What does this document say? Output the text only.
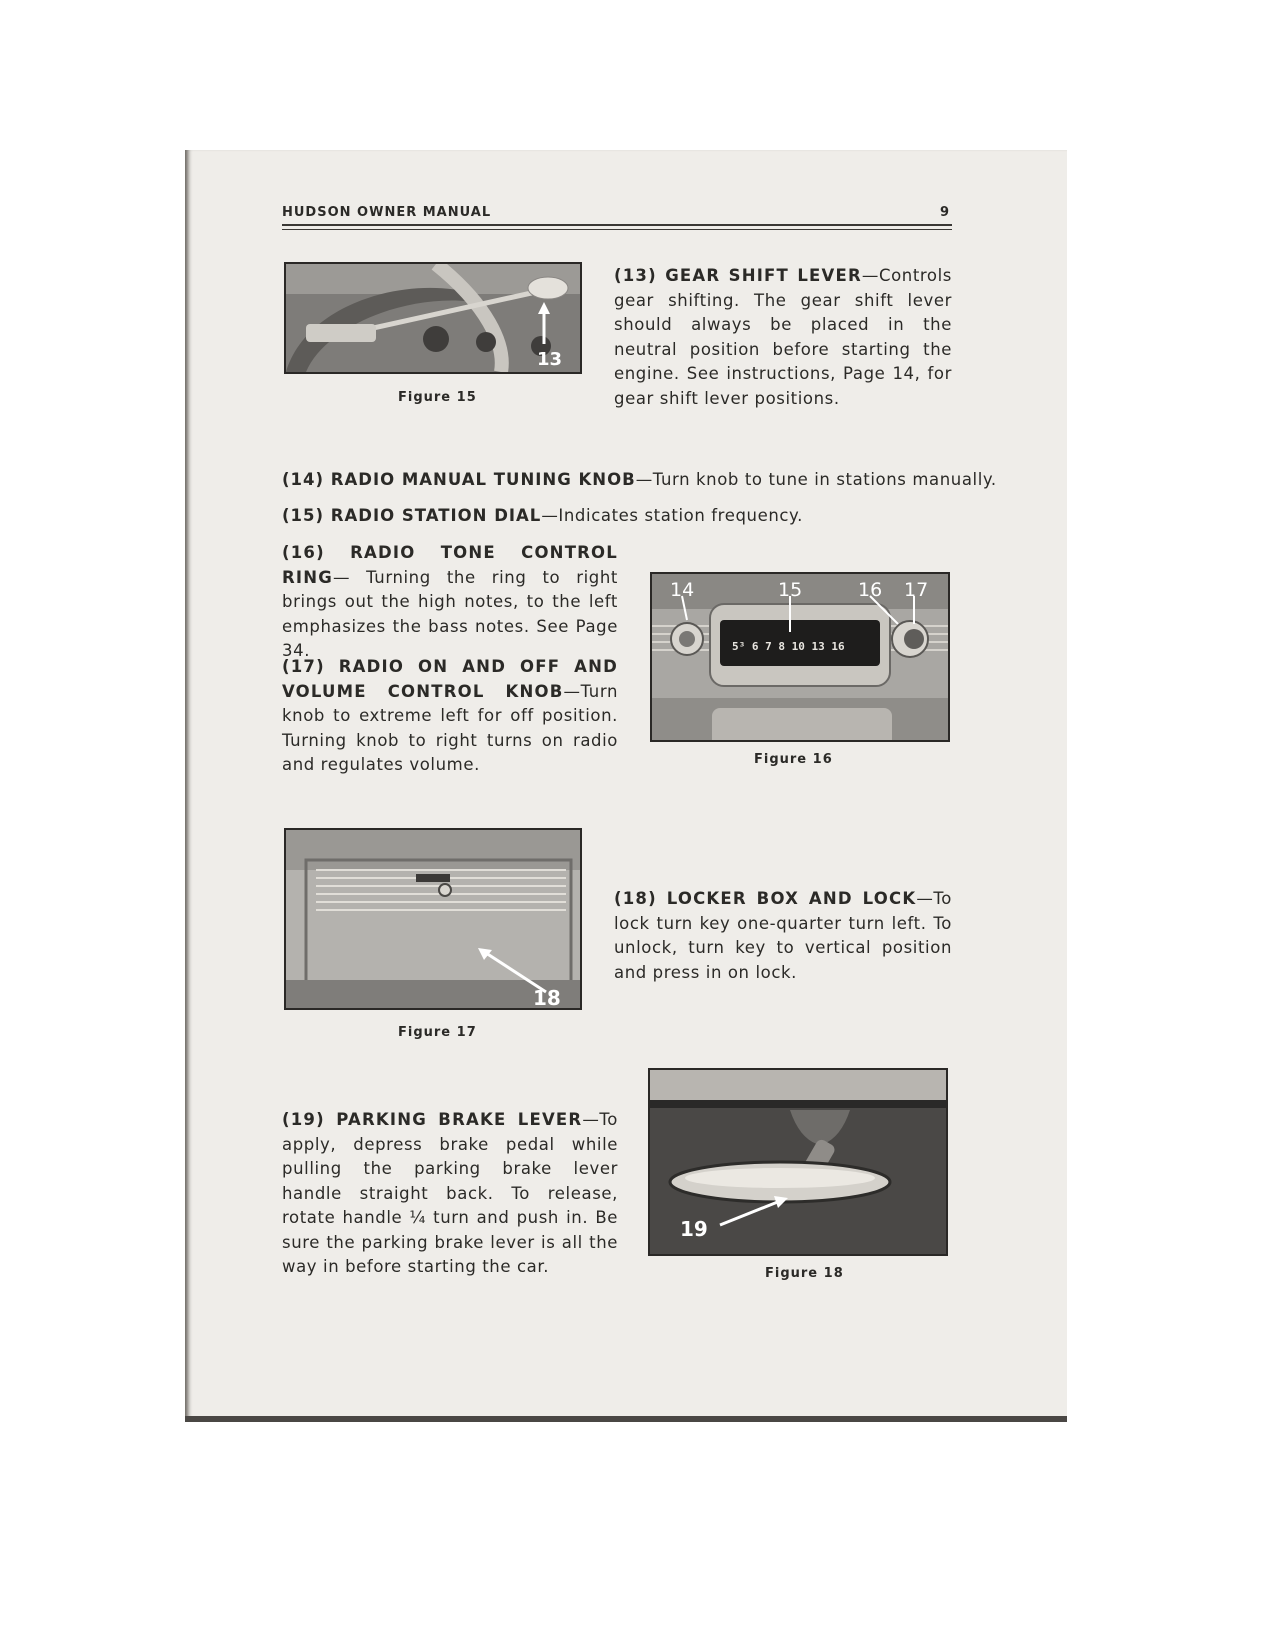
HUDSON OWNER MANUAL	9
13
Figure 15
(13) GEAR SHIFT LEVER—Controls gear shifting. The gear shift lever should always be placed in the neutral position before starting the engine. See instructions, Page 14, for gear shift lever positions.
(14) RADIO MANUAL TUNING KNOB—Turn knob to tune in stations manually.
(15) RADIO STATION DIAL—Indicates station frequency.
(16) RADIO TONE CONTROL RING— Turning the ring to right brings out the high notes, to the left emphasizes the bass notes. See Page 34.
(17) RADIO ON AND OFF AND VOLUME CONTROL KNOB—Turn knob to extreme left for off position. Turning knob to right turns on radio and regulates volume.
5³ 6 7 8 10 13 16
14	15	16 17
Figure 16
18
Figure 17
(18) LOCKER BOX AND LOCK—To lock turn key one-quarter turn left. To unlock, turn key to vertical position and press in on lock.
(19) PARKING BRAKE LEVER—To apply, depress brake pedal while pulling the parking brake lever handle straight back. To release, rotate handle ¼ turn and push in. Be sure the parking brake lever is all the way in before starting the car.
19
Figure 18
